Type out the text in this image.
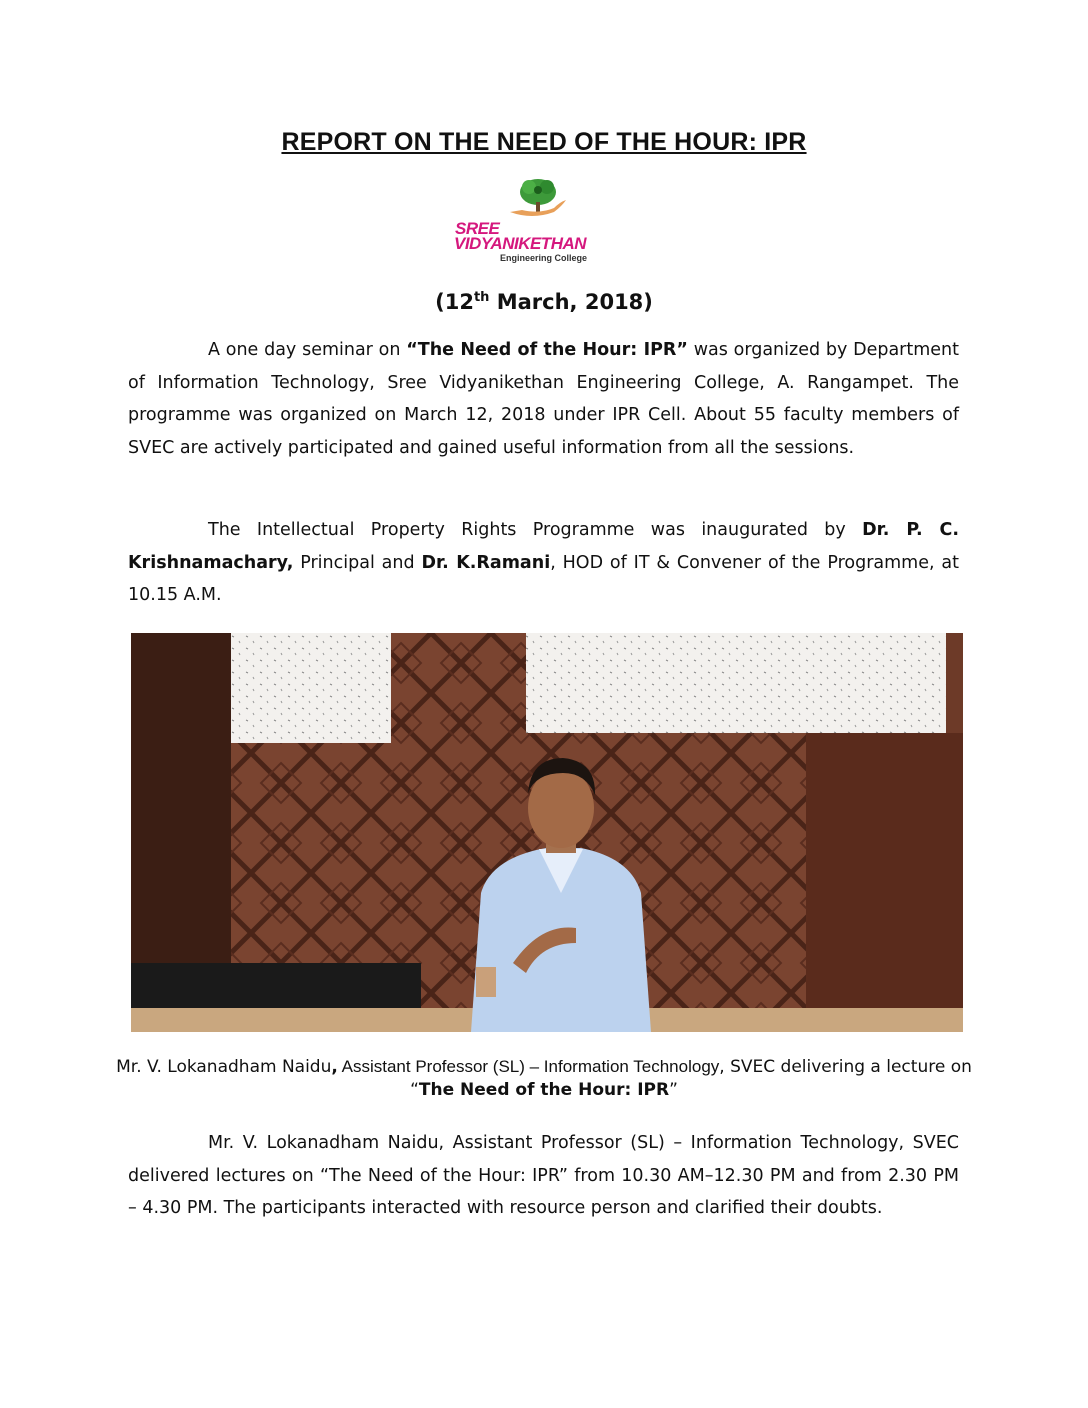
REPORT ON THE NEED OF THE HOUR: IPR
SREE
VIDYANIKETHAN
Engineering College
(12th March, 2018)

A one day seminar on “The Need of the Hour: IPR” was organized by Department of Information Technology, Sree Vidyanikethan Engineering College, A. Rangampet. The programme was organized on March 12, 2018 under IPR Cell. About 55 faculty members of SVEC are actively participated and gained useful information from all the sessions.

The Intellectual Property Rights Programme was inaugurated by Dr. P. C. Krishnamachary, Principal and Dr. K.Ramani, HOD of IT & Convener of the Programme, at 10.15 A.M.

Mr. V. Lokanadham Naidu, Assistant Professor (SL) – Information Technology, SVEC delivering a lecture on “The Need of the Hour: IPR”

Mr. V. Lokanadham Naidu, Assistant Professor (SL) – Information Technology, SVEC delivered lectures on “The Need of the Hour: IPR” from 10.30 AM–12.30 PM and from 2.30 PM – 4.30 PM. The participants interacted with resource person and clarified their doubts.
